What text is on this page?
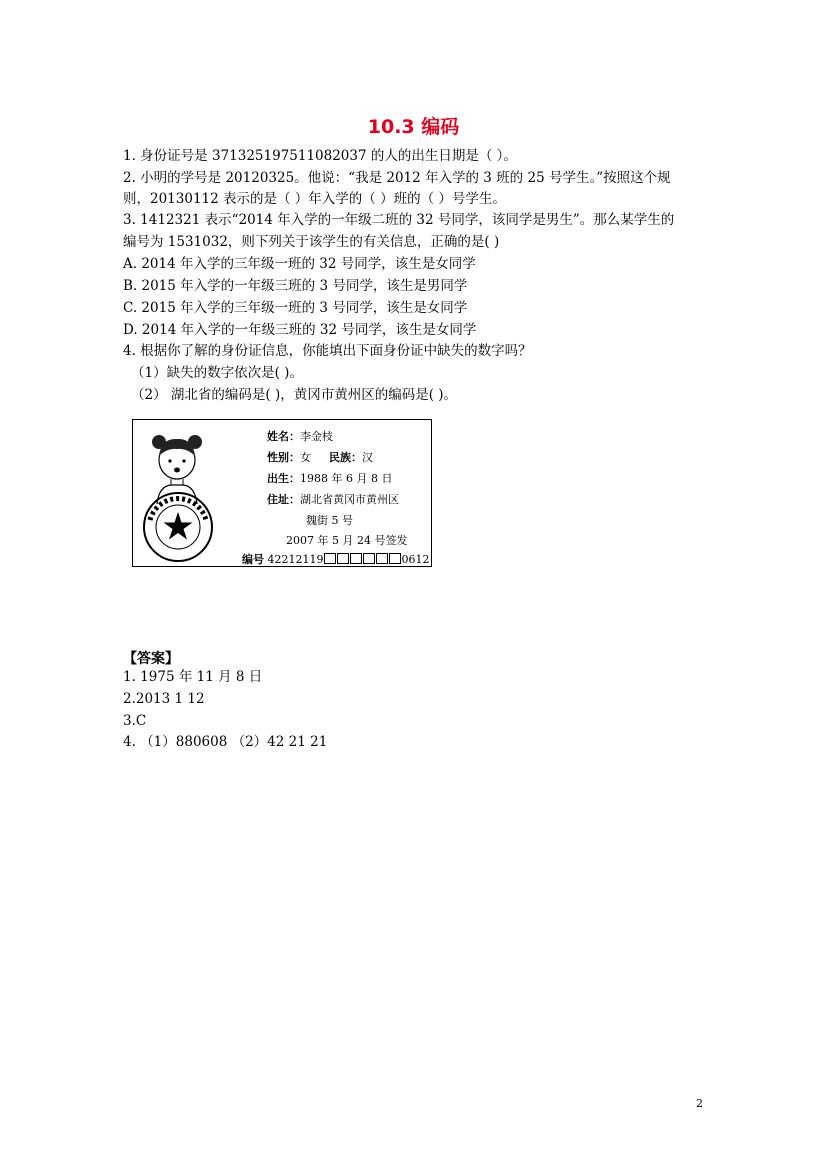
10.3 编码
1. 身份证号是 371325197511082037 的人的出生日期是（ ）。
2. 小明的学号是 20120325。他说：“我是 2012 年入学的 3 班的 25 号学生。”按照这个规
则，20130112 表示的是（ ）年入学的（ ）班的（ ）号学生。
3. 1412321 表示“2014 年入学的一年级二班的 32 号同学，该同学是男生”。那么某学生的
编号为 1531032，则下列关于该学生的有关信息，正确的是( )
A. 2014 年入学的三年级一班的 32 号同学，该生是女同学
B. 2015 年入学的一年级三班的 3 号同学，该生是男同学
C. 2015 年入学的三年级一班的 3 号同学，该生是女同学
D. 2014 年入学的一年级三班的 32 号同学，该生是女同学
4. 根据你了解的身份证信息，你能填出下面身份证中缺失的数字吗？
（1）缺失的数字依次是( )。
（2） 湖北省的编码是( )，黄冈市黄州区的编码是( )。
姓名：李金枝
性别：女 民族：汉
出生：1988 年 6 月 8 日
住址：湖北省黄冈市黄州区
魏街 5 号
2007 年 5 月 24 号签发
编号 42212119	0612
【答案】
1. 1975 年 11 月 8 日
2.2013 1 12
3.C
4. （1）880608 （2）42 21 21
2
